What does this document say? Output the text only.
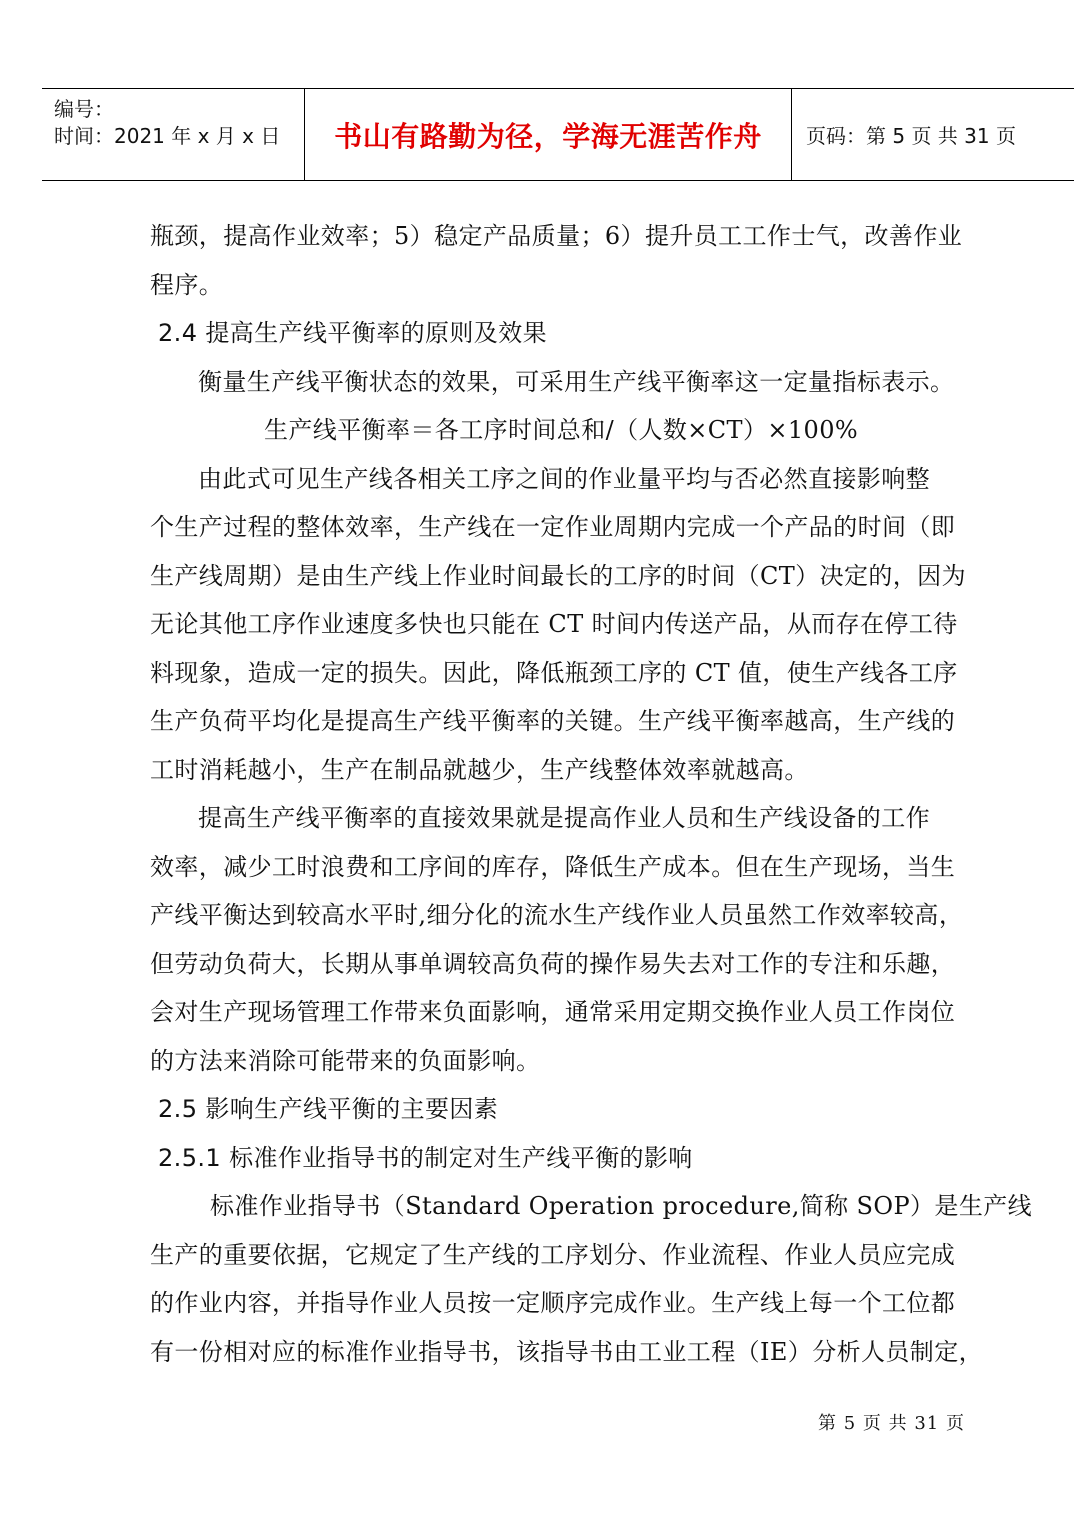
编号：
时间：2021 年 x 月 x 日 书山有路勤为径，学海无涯苦作舟	页码：第 5 页 共 31 页
瓶颈，提高作业效率；5）稳定产品质量；6）提升员工工作士气，改善作业
程序。
2.4 提高生产线平衡率的原则及效果
衡量生产线平衡状态的效果，可采用生产线平衡率这一定量指标表示。
生产线平衡率＝各工序时间总和/（人数×CT）×100%
由此式可见生产线各相关工序之间的作业量平均与否必然直接影响整
个生产过程的整体效率，生产线在一定作业周期内完成一个产品的时间（即
生产线周期）是由生产线上作业时间最长的工序的时间（CT）决定的，因为
无论其他工序作业速度多快也只能在 CT 时间内传送产品，从而存在停工待
料现象，造成一定的损失。因此，降低瓶颈工序的 CT 值，使生产线各工序
生产负荷平均化是提高生产线平衡率的关键。生产线平衡率越高，生产线的
工时消耗越小，生产在制品就越少，生产线整体效率就越高。
提高生产线平衡率的直接效果就是提高作业人员和生产线设备的工作
效率，减少工时浪费和工序间的库存，降低生产成本。但在生产现场，当生
产线平衡达到较高水平时,细分化的流水生产线作业人员虽然工作效率较高，
但劳动负荷大，长期从事单调较高负荷的操作易失去对工作的专注和乐趣，
会对生产现场管理工作带来负面影响，通常采用定期交换作业人员工作岗位
的方法来消除可能带来的负面影响。
2.5 影响生产线平衡的主要因素
2.5.1 标准作业指导书的制定对生产线平衡的影响
标准作业指导书（Standard Operation procedure,简称 SOP）是生产线
生产的重要依据，它规定了生产线的工序划分、作业流程、作业人员应完成
的作业内容，并指导作业人员按一定顺序完成作业。生产线上每一个工位都
有一份相对应的标准作业指导书，该指导书由工业工程（IE）分析人员制定，
第 5 页 共 31 页
